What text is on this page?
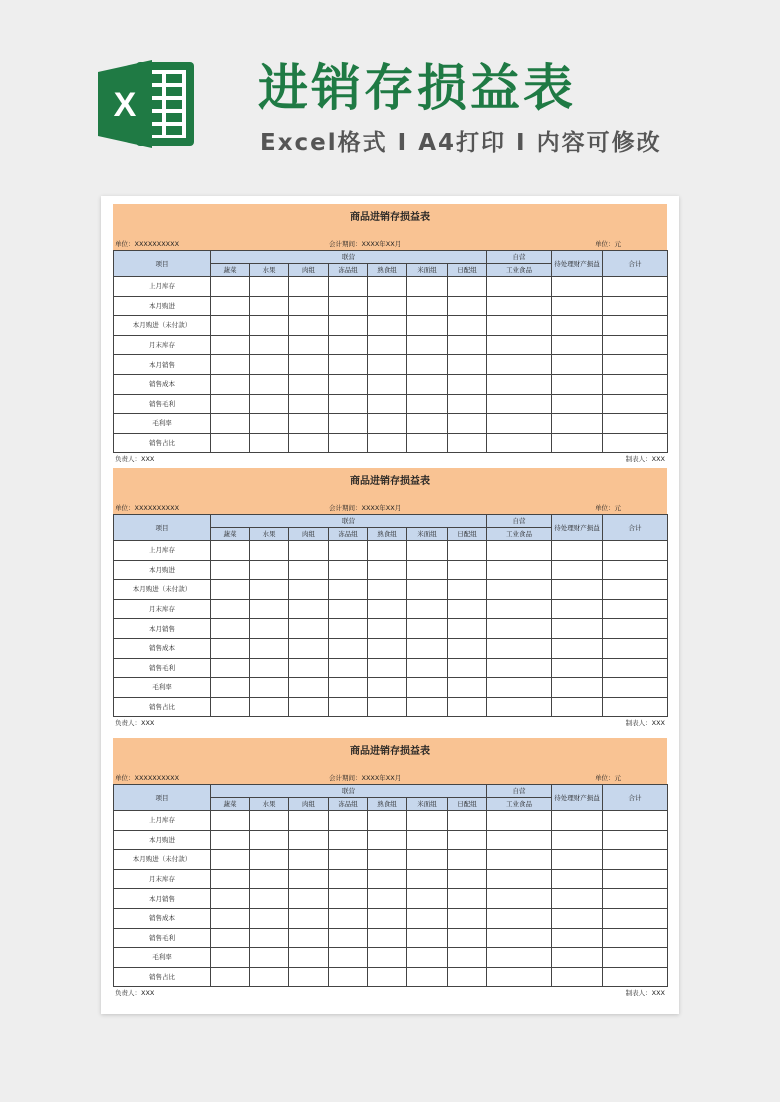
X 进销存损益表
Excel格式 I A4打印 I 内容可修改
商品进销存损益表
单位：XXXXXXXXXX	会计期间：XXXX年XX月	单位：元
项目	联营							自营	待处理财产损益	合计
	蔬菜	水果	肉组	冻品组	熟食组	米面组	日配组	工业食品		
上月库存										
本月购进										
本月购进（未付款）										
月末库存										
本月销售										
销售成本										
销售毛利										
毛利率										
销售占比										
负责人：XXX	制表人：XXX
商品进销存损益表
单位：XXXXXXXXXX	会计期间：XXXX年XX月	单位：元
项目	联营							自营	待处理财产损益	合计
	蔬菜	水果	肉组	冻品组	熟食组	米面组	日配组	工业食品		
上月库存										
本月购进										
本月购进（未付款）										
月末库存										
本月销售										
销售成本										
销售毛利										
毛利率										
销售占比										
负责人：XXX	制表人：XXX
商品进销存损益表
单位：XXXXXXXXXX	会计期间：XXXX年XX月	单位：元
项目	联营							自营	待处理财产损益	合计
	蔬菜	水果	肉组	冻品组	熟食组	米面组	日配组	工业食品		
上月库存										
本月购进										
本月购进（未付款）										
月末库存										
本月销售										
销售成本										
销售毛利										
毛利率										
销售占比										
负责人：XXX	制表人：XXX
